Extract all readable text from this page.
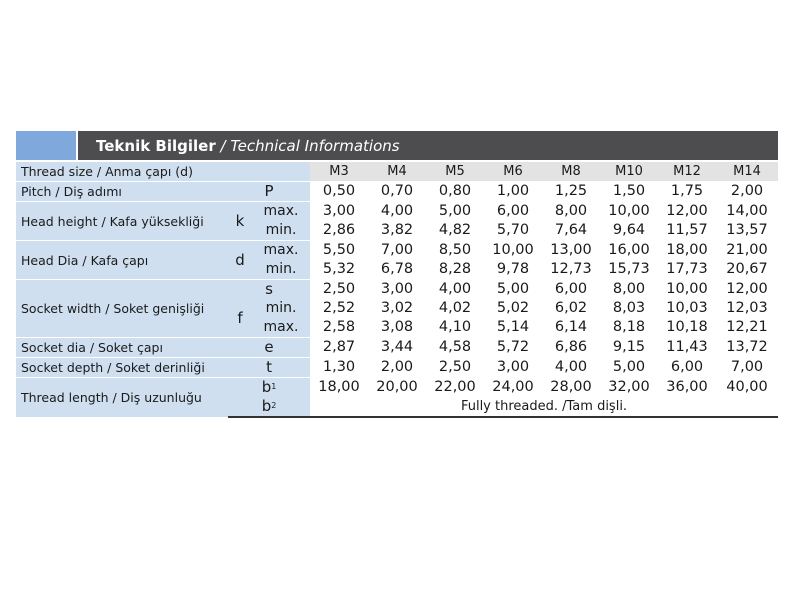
Teknik Bilgiler / Technical Informations
Thread size / Anma çapı (d)			M3	M4	M5	M6	M8	M10	M12	M14
Pitch / Diş adımı	P		0,50	0,70	0,80	1,00	1,25	1,50	1,75	2,00
Head height / Kafa yüksekliği	k	max.	3,00	4,00	5,00	6,00	8,00	10,00	12,00	14,00
		min.	2,86	3,82	4,82	5,70	7,64	9,64	11,57	13,57
Head Dia / Kafa çapı	d	max.	5,50	7,00	8,50	10,00	13,00	16,00	18,00	21,00
		min.	5,32	6,78	8,28	9,78	12,73	15,73	17,73	20,67
Socket width / Soket genişliği	s		2,50	3,00	4,00	5,00	6,00	8,00	10,00	12,00
	f	min.	2,52	3,02	4,02	5,02	6,02	8,03	10,03	12,03
		max.	2,58	3,08	4,10	5,14	6,14	8,18	10,18	12,21
Socket dia / Soket çapı	e		2,87	3,44	4,58	5,72	6,86	9,15	11,43	13,72
Socket depth / Soket derinliği	t		1,30	2,00	2,50	3,00	4,00	5,00	6,00	7,00
Thread length / Diş uzunluğu	$b^1$		18,00	20,00	22,00	24,00	28,00	32,00	36,00	40,00
	$b^2$		Fully threaded. /Tam dişli.							
